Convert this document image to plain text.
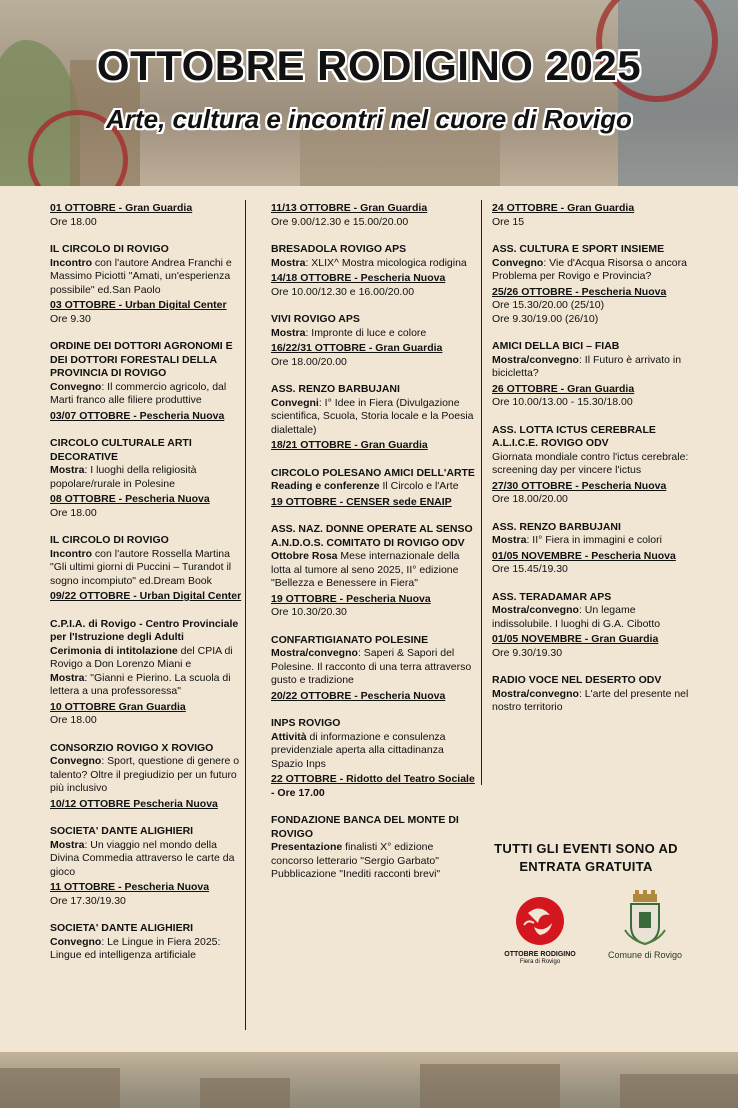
OTTOBRE RODIGINO 2025
Arte, cultura e incontri nel cuore di Rovigo
01 OTTOBRE - Gran Guardia
Ore 18.00
IL CIRCOLO DI ROVIGO
Incontro con l'autore Andrea Franchi e Massimo Piciotti "Amati, un'esperienza possibile" ed.San Paolo
03 OTTOBRE - Urban Digital Center
Ore 9.30
ORDINE DEI DOTTORI AGRONOMI E DEI DOTTORI FORESTALI DELLA PROVINCIA DI ROVIGO
Convegno: Il commercio agricolo, dal Marti franco alle filiere produttive
03/07 OTTOBRE - Pescheria Nuova
CIRCOLO CULTURALE ARTI DECORATIVE
Mostra: I luoghi della religiosità popolare/rurale in Polesine
08 OTTOBRE - Pescheria Nuova
Ore 18.00
IL CIRCOLO DI ROVIGO
Incontro con l'autore Rossella Martina "Gli ultimi giorni di Puccini – Turandot il sogno incompiuto" ed.Dream Book
09/22 OTTOBRE - Urban Digital Center
C.P.I.A. di Rovigo - Centro Provinciale per l'Istruzione degli Adulti
Cerimonia di intitolazione del CPIA di Rovigo a Don Lorenzo Miani e
Mostra: "Gianni e Pierino. La scuola di lettera a una professoressa"
10 OTTOBRE Gran Guardia
Ore 18.00
CONSORZIO ROVIGO X ROVIGO
Convegno: Sport, questione di genere o talento? Oltre il pregiudizio per un futuro più inclusivo
10/12 OTTOBRE Pescheria Nuova
SOCIETA' DANTE ALIGHIERI
Mostra: Un viaggio nel mondo della Divina Commedia attraverso le carte da gioco
11 OTTOBRE - Pescheria Nuova
Ore 17.30/19.30
SOCIETA' DANTE ALIGHIERI
Convegno: Le Lingue in Fiera 2025: Lingue ed intelligenza artificiale
11/13 OTTOBRE - Gran Guardia
Ore 9.00/12.30 e 15.00/20.00
BRESADOLA ROVIGO APS
Mostra: XLIX^ Mostra micologica rodigina
14/18 OTTOBRE - Pescheria Nuova
Ore 10.00/12.30 e 16.00/20.00
VIVI ROVIGO APS
Mostra: Impronte di luce e colore
16/22/31 OTTOBRE - Gran Guardia
Ore 18.00/20.00
ASS. RENZO BARBUJANI
Convegni: I° Idee in Fiera (Divulgazione scientifica, Scuola, Storia locale e la Poesia dialettale)
18/21 OTTOBRE - Gran Guardia
CIRCOLO POLESANO AMICI DELL'ARTE
Reading e conferenze Il Circolo e l'Arte
19 OTTOBRE - CENSER sede ENAIP
ASS. NAZ. DONNE OPERATE AL SENSO A.N.D.O.S. COMITATO DI ROVIGO ODV
Ottobre Rosa Mese internazionale della lotta al tumore al seno 2025, II° edizione "Bellezza e Benessere in Fiera"
19 OTTOBRE - Pescheria Nuova
Ore 10.30/20.30
CONFARTIGIANATO POLESINE
Mostra/convegno: Saperi & Sapori del Polesine. Il racconto di una terra attraverso gusto e tradizione
20/22 OTTOBRE - Pescheria Nuova
INPS ROVIGO
Attività di informazione e consulenza previdenziale aperta alla cittadinanza Spazio Inps
22 OTTOBRE - Ridotto del Teatro Sociale - Ore 17.00
FONDAZIONE BANCA DEL MONTE DI ROVIGO
Presentazione finalisti X° edizione concorso letterario "Sergio Garbato" Pubblicazione "Inediti racconti brevi"
24 OTTOBRE - Gran Guardia
Ore 15
ASS. CULTURA E SPORT INSIEME
Convegno: Vie d'Acqua Risorsa o ancora Problema per Rovigo e Provincia?
25/26 OTTOBRE - Pescheria Nuova
Ore 15.30/20.00 (25/10)
Ore 9.30/19.00 (26/10)
AMICI DELLA BICI – FIAB
Mostra/convegno: Il Futuro è arrivato in bicicletta?
26 OTTOBRE - Gran Guardia
Ore 10.00/13.00 - 15.30/18.00
ASS. LOTTA ICTUS CEREBRALE A.L.I.C.E. ROVIGO ODV
Giornata mondiale contro l'ictus cerebrale: screening day per vincere l'ictus
27/30 OTTOBRE - Pescheria Nuova
Ore 18.00/20.00
ASS. RENZO BARBUJANI
Mostra: II° Fiera in immagini e colori
01/05 NOVEMBRE - Pescheria Nuova
Ore 15.45/19.30
ASS. TERADAMAR APS
Mostra/convegno: Un legame indissolubile. I luoghi di G.A. Cibotto
01/05 NOVEMBRE - Gran Guardia
Ore 9.30/19.30
RADIO VOCE NEL DESERTO ODV
Mostra/convegno: L'arte del presente nel nostro territorio
TUTTI GLI EVENTI SONO AD ENTRATA GRATUITA
OTTOBRE RODIGINO
Fiera di Rovigo
Comune di Rovigo
